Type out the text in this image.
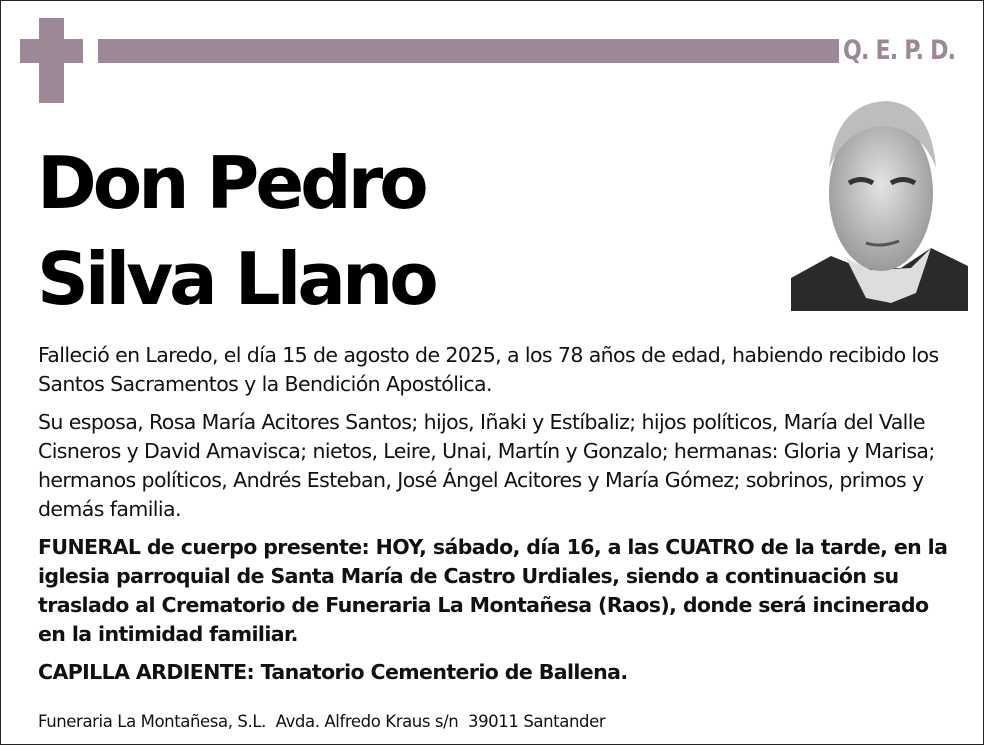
Q. E. P. D.
Don Pedro
Silva Llano

Falleció en Laredo, el día 15 de agosto de 2025, a los 78 años de edad, habiendo recibido los Santos Sacramentos y la Bendición Apostólica.

Su esposa, Rosa María Acitores Santos; hijos, Iñaki y Estíbaliz; hijos políticos, María del Valle Cisneros y David Amavisca; nietos, Leire, Unai, Martín y Gonzalo; hermanas: Gloria y Marisa; hermanos políticos, Andrés Esteban, José Ángel Acitores y María Gómez; sobrinos, primos y demás familia.

FUNERAL de cuerpo presente: HOY, sábado, día 16, a las CUATRO de la tarde, en la iglesia parroquial de Santa María de Castro Urdiales, siendo a continuación su traslado al Crematorio de Funeraria La Montañesa (Raos), donde será incinerado en la intimidad familiar.

CAPILLA ARDIENTE: Tanatorio Cementerio de Ballena.

Funeraria La Montañesa, S.L.  Avda. Alfredo Kraus s/n  39011 Santander
